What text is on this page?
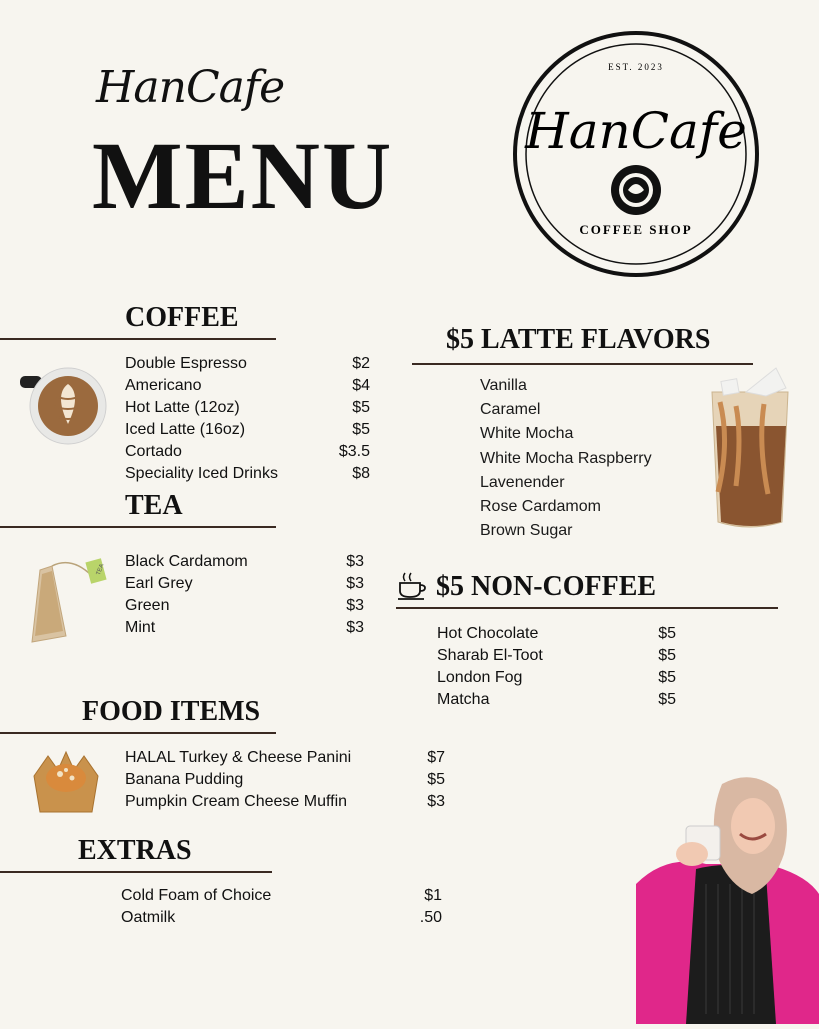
HanCafe
MENU
EST. 2023
HanCafe
COFFEE SHOP
COFFEE
Double Espresso	$2
Americano	$4
Hot Latte (12oz)	$5
Iced Latte (16oz)	$5
Cortado	$3.5
Speciality Iced Drinks	$8
TEA
TEA Black Cardamom	$3
Earl Grey	$3
Green	$3
Mint	$3
FOOD ITEMS
HALAL Turkey & Cheese Panini	$7
Banana Pudding	$5
Pumpkin Cream Cheese Muffin	$3
EXTRAS
Cold Foam of Choice	$1
Oatmilk	.50
$5 LATTE FLAVORS
Vanilla
Caramel
White Mocha
White Mocha Raspberry
Lavenender
Rose Cardamom
Brown Sugar
$5 NON-COFFEE
Hot Chocolate	$5
Sharab El-Toot	$5
London Fog	$5
Matcha	$5
